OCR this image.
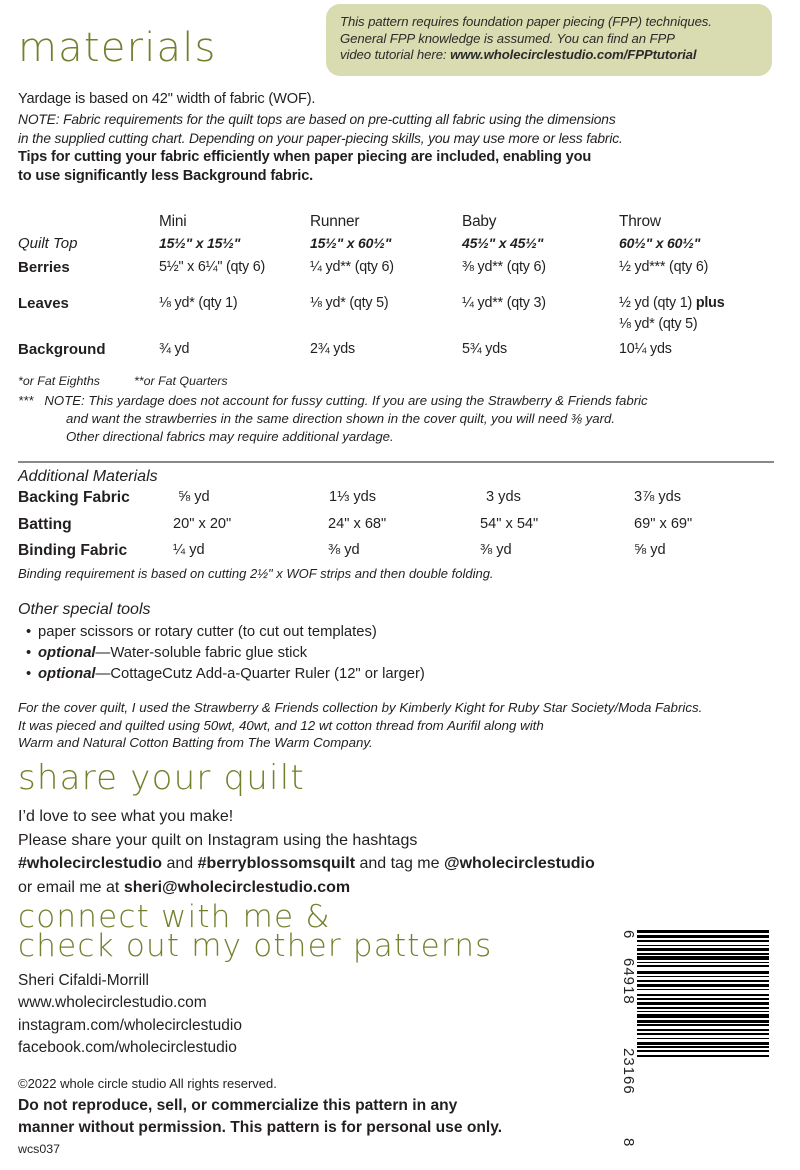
This pattern requires foundation paper piecing (FPP) techniques.

General FPP knowledge is assumed. You can find an FPP

video tutorial here: www.wholecirclestudio.com/FPPtutorial

materials
Yardage is based on 42" width of fabric (WOF).
NOTE: Fabric requirements for the quilt tops are based on pre-cutting all fabric using the dimensions
in the supplied cutting chart. Depending on your paper-piecing skills, you may use more or less fabric.
Tips for cutting your fabric efficiently when paper piecing are included, enabling you
to use significantly less Background fabric.
Mini	Runner	Baby	Throw
Quilt Top	15½" x 15½"	15½" x 60½"	45½" x 45½"	60½" x 60½"
Berries	5½" x 6¼" (qty 6)	¼ yd** (qty 6)	⅜ yd** (qty 6)	½ yd*** (qty 6)
Leaves	⅛ yd* (qty 1)	⅛ yd* (qty 5)	¼ yd** (qty 3)	½ yd (qty 1) plus
⅛ yd* (qty 5)
Background	¾ yd	2¾ yds	5¾ yds	10¼ yds
*or Fat Eighths	**or Fat Quarters
*** NOTE: This yardage does not account for fussy cutting. If you are using the Strawberry & Friends fabric
and want the strawberries in the same direction shown in the cover quilt, you will need ⅜ yard.
Other directional fabrics may require additional yardage.
Additional Materials
Backing Fabric	⅝ yd	1⅓ yds	3 yds	3⅞ yds
Batting	20" x 20"	24" x 68"	54" x 54"	69" x 69"
Binding Fabric	¼ yd	⅜ yd	⅜ yd	⅝ yd
Binding requirement is based on cutting 2½" x WOF strips and then double folding.
Other special tools
• paper scissors or rotary cutter (to cut out templates)
• optional—Water-soluble fabric glue stick
• optional—CottageCutz Add-a-Quarter Ruler (12" or larger)
For the cover quilt, I used the Strawberry & Friends collection by Kimberly Kight for Ruby Star Society/Moda Fabrics.
It was pieced and quilted using 50wt, 40wt, and 12 wt cotton thread from Aurifil along with
Warm and Natural Cotton Batting from The Warm Company.
share your quilt
I’d love to see what you make!
Please share your quilt on Instagram using the hashtags
#wholecirclestudio and #berryblossomsquilt and tag me @wholecirclestudio
or email me at sheri@wholecirclestudio.com
connect with me &
check out my other patterns
Sheri Cifaldi-Morrill
www.wholecirclestudio.com
instagram.com/wholecirclestudio
facebook.com/wholecirclestudio
©2022 whole circle studio All rights reserved.
Do not reproduce, sell, or commercialize this pattern in any
manner without permission. This pattern is for personal use only.
wcs037
6
64918
23166
8
